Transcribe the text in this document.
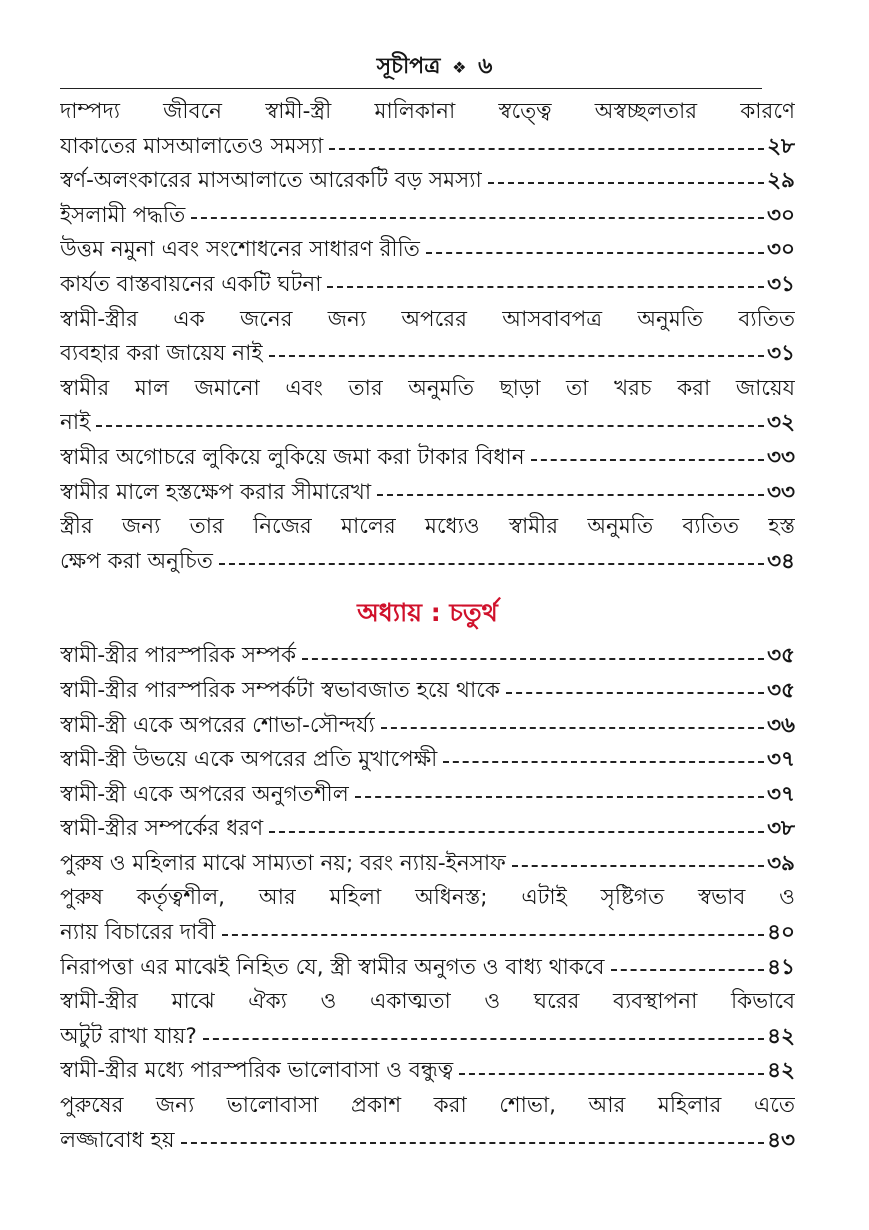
সূচীপত্র ❖ ৬
দাম্পদ্য জীবনে স্বামী-স্ত্রী মালিকানা স্বত্ত্বে অস্বচ্ছলতার কারণে
যাকাতের মাসআলাতেও সমস্যা	২৮
স্বর্ণ-অলংকারের মাসআলাতে আরেকটি বড় সমস্যা	২৯
ইসলামী পদ্ধতি	৩০
উত্তম নমুনা এবং সংশোধনের সাধারণ রীতি	৩০
কার্যত বাস্তবায়নের একটি ঘটনা	৩১
স্বামী-স্ত্রীর এক জনের জন্য অপরের আসবাবপত্র অনুমতি ব্যতিত
ব্যবহার করা জায়েয নাই	৩১
স্বামীর মাল জমানো এবং তার অনুমতি ছাড়া তা খরচ করা জায়েয
নাই	৩২
স্বামীর অগোচরে লুকিয়ে লুকিয়ে জমা করা টাকার বিধান	৩৩
স্বামীর মালে হস্তক্ষেপ করার সীমারেখা	৩৩
স্ত্রীর জন্য তার নিজের মালের মধ্যেও স্বামীর অনুমতি ব্যতিত হস্ত
ক্ষেপ করা অনুচিত	৩৪
অধ্যায় : চতুর্থ
স্বামী-স্ত্রীর পারস্পরিক সম্পর্ক	৩৫
স্বামী-স্ত্রীর পারস্পরিক সম্পর্কটা স্বভাবজাত হয়ে থাকে	৩৫
স্বামী-স্ত্রী একে অপরের শোভা-সৌন্দর্য্য	৩৬
স্বামী-স্ত্রী উভয়ে একে অপরের প্রতি মুখাপেক্ষী	৩৭
স্বামী-স্ত্রী একে অপরের অনুগতশীল	৩৭
স্বামী-স্ত্রীর সম্পর্কের ধরণ	৩৮
পুরুষ ও মহিলার মাঝে সাম্যতা নয়; বরং ন্যায়-ইনসাফ	৩৯
পুরুষ কর্তৃত্বশীল, আর মহিলা অধিনস্ত; এটাই সৃষ্টিগত স্বভাব ও
ন্যায় বিচারের দাবী	৪০
নিরাপত্তা এর মাঝেই নিহিত যে, স্ত্রী স্বামীর অনুগত ও বাধ্য থাকবে	৪১
স্বামী-স্ত্রীর মাঝে ঐক্য ও একাত্মতা ও ঘরের ব্যবস্থাপনা কিভাবে
অটুট রাখা যায়?	৪২
স্বামী-স্ত্রীর মধ্যে পারস্পরিক ভালোবাসা ও বন্ধুত্ব	৪২
পুরুষের জন্য ভালোবাসা প্রকাশ করা শোভা, আর মহিলার এতে
লজ্জাবোধ হয়	৪৩
